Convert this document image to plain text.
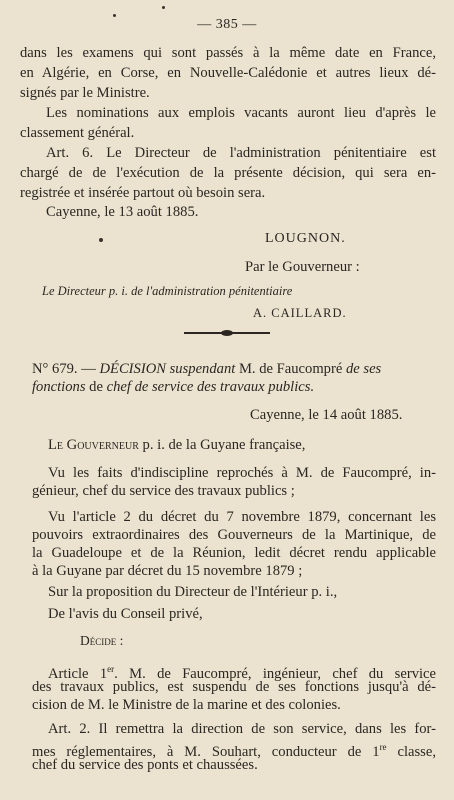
— 385 —
dans les examens qui sont passés à la même date en France,
en Algérie, en Corse, en Nouvelle-Calédonie et autres lieux dé-
signés par le Ministre.
Les nominations aux emplois vacants auront lieu d'après le
classement général.
Art. 6. Le Directeur de l'administration pénitentiaire est
chargé de de l'exécution de la présente décision, qui sera en-
registrée et insérée partout où besoin sera.
Cayenne, le 13 août 1885.
LOUGNON.
Par le Gouverneur :
Le Directeur p. i. de l'administration pénitentiaire
A. CAILLARD.
N° 679. — DÉCISION suspendant M. de Faucompré de ses
fonctions de chef de service des travaux publics.
Cayenne, le 14 août 1885.
Le Gouverneur p. i. de la Guyane française,
Vu les faits d'indiscipline reprochés à M. de Faucompré, in-
génieur, chef du service des travaux publics ;
Vu l'article 2 du décret du 7 novembre 1879, concernant les
pouvoirs extraordinaires des Gouverneurs de la Martinique, de
la Guadeloupe et de la Réunion, ledit décret rendu applicable
à la Guyane par décret du 15 novembre 1879 ;
Sur la proposition du Directeur de l'Intérieur p. i.,
De l'avis du Conseil privé,
Décide :
Article 1er. M. de Faucompré, ingénieur, chef du service
des travaux publics, est suspendu de ses fonctions jusqu'à dé-
cision de M. le Ministre de la marine et des colonies.
Art. 2. Il remettra la direction de son service, dans les for-
mes réglementaires, à M. Souhart, conducteur de 1re classe,
chef du service des ponts et chaussées.
